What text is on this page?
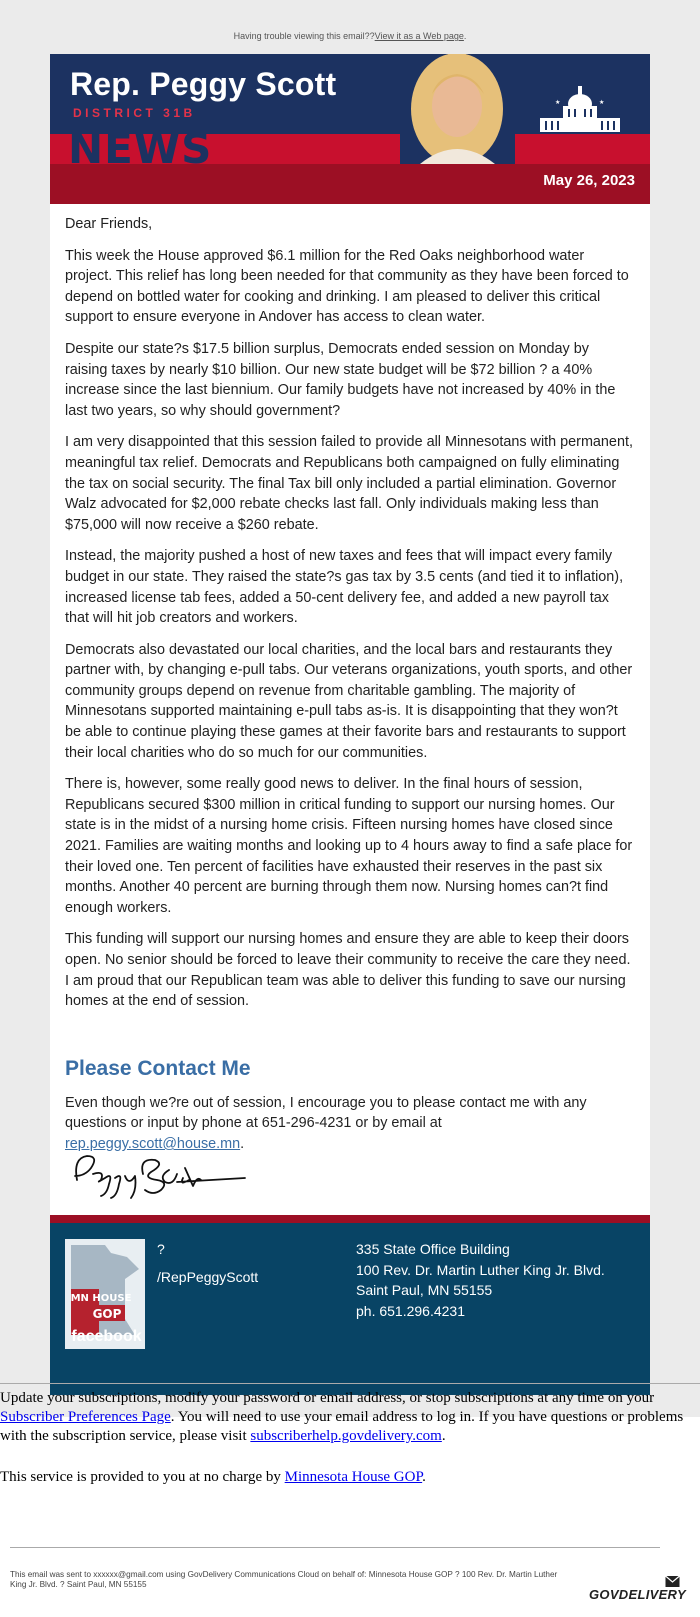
Having trouble viewing this email??View it as a Web page.
Rep. Peggy Scott
DISTRICT 31B
NEWS
★	★
May 26, 2023

Dear Friends,

This week the House approved $6.1 million for the Red Oaks neighborhood water project. This relief has long been needed for that community as they have been forced to depend on bottled water for cooking and drinking. I am pleased to deliver this critical support to ensure everyone in Andover has access to clean water.

Despite our state?s $17.5 billion surplus, Democrats ended session on Monday by raising taxes by nearly $10 billion. Our new state budget will be $72 billion ? a 40% increase since the last biennium. Our family budgets have not increased by 40% in the last two years, so why should government?

I am very disappointed that this session failed to provide all Minnesotans with permanent, meaningful tax relief. Democrats and Republicans both campaigned on fully eliminating the tax on social security. The final Tax bill only included a partial elimination. Governor Walz advocated for $2,000 rebate checks last fall. Only individuals making less than $75,000 will now receive a $260 rebate.

Instead, the majority pushed a host of new taxes and fees that will impact every family budget in our state. They raised the state?s gas tax by 3.5 cents (and tied it to inflation), increased license tab fees, added a 50-cent delivery fee, and added a new payroll tax that will hit job creators and workers.

Democrats also devastated our local charities, and the local bars and restaurants they partner with, by changing e-pull tabs. Our veterans organizations, youth sports, and other community groups depend on revenue from charitable gambling. The majority of Minnesotans supported maintaining e-pull tabs as-is. It is disappointing that they won?t be able to continue playing these games at their favorite bars and restaurants to support their local charities who do so much for our communities.

There is, however, some really good news to deliver. In the final hours of session, Republicans secured $300 million in critical funding to support our nursing homes. Our state is in the midst of a nursing home crisis. Fifteen nursing homes have closed since 2021. Families are waiting months and looking up to 4 hours away to find a safe place for their loved one. Ten percent of facilities have exhausted their reserves in the past six months. Another 40 percent are burning through them now. Nursing homes can?t find enough workers.

This funding will support our nursing homes and ensure they are able to keep their doors open. No senior should be forced to leave their community to receive the care they need. I am proud that our Republican team was able to deliver this funding to save our nursing homes at the end of session.

Please Contact Me

Even though we?re out of session, I encourage you to please contact me with any questions or input by phone at 651-296-4231 or by email at
rep.peggy.scott@house.mn.

MN HOUSE
GOP
facebook
?
/RepPeggyScott
335 State Office Building
100 Rev. Dr. Martin Luther King Jr. Blvd.
Saint Paul, MN 55155
ph. 651.296.4231
Update your subscriptions, modify your password or email address, or stop subscriptions at any time on your Subscriber Preferences Page. You will need to use your email address to log in. If you have questions or problems with the subscription service, please visit subscriberhelp.govdelivery.com.
This service is provided to you at no charge by Minnesota House GOP.
This email was sent to xxxxxx@gmail.com using GovDelivery Communications Cloud on behalf of: Minnesota House GOP ? 100 Rev. Dr. Martin Luther King Jr. Blvd. ? Saint Paul, MN 55155
GOVDELIVERY
